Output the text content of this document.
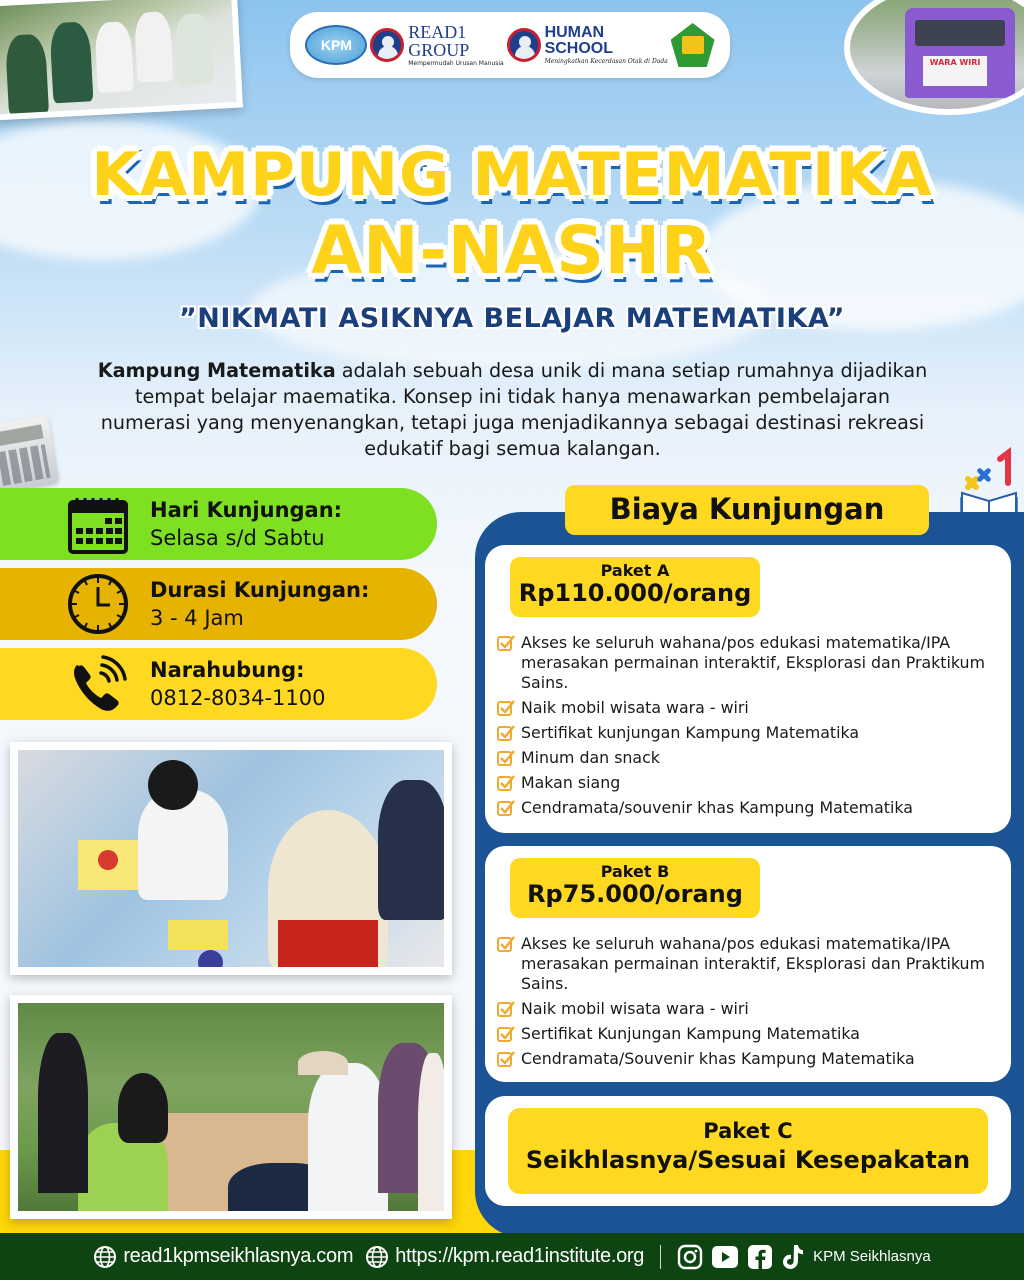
WARA WIRI
KPM
READ1
GROUP
Mempermudah Urusan Manusia
HUMAN
SCHOOL
Meningkatkan Kecerdasan Otak di Dada
KAMPUNG MATEMATIKA
AN-NASHR
”NIKMATI ASIKNYA BELAJAR MATEMATIKA”

Kampung Matematika adalah sebuah desa unik di mana setiap rumahnya dijadikan tempat belajar maematika. Konsep ini tidak hanya menawarkan pembelajaran numerasi yang menyenangkan, tetapi juga menjadikannya sebagai destinasi rekreasi edukatif bagi semua kalangan.

Hari Kunjungan:
Selasa s/d Sabtu
Durasi Kunjungan:
3 - 4 Jam
Narahubung:
0812-8034-1100
Biaya Kunjungan
Paket A
Rp110.000/orang
Akses ke seluruh wahana/pos edukasi matematika/IPA merasakan permainan interaktif, Eksplorasi dan Praktikum Sains.
Naik mobil wisata wara - wiri
Sertifikat kunjungan Kampung Matematika
Minum dan snack
Makan siang
Cendramata/souvenir khas Kampung Matematika
Paket B
Rp75.000/orang
Akses ke seluruh wahana/pos edukasi matematika/IPA merasakan permainan interaktif, Eksplorasi dan Praktikum Sains.
Naik mobil wisata wara - wiri
Sertifikat Kunjungan Kampung Matematika
Cendramata/Souvenir khas Kampung Matematika
Paket C
Seikhlasnya/Sesuai Kesepakatan
read1kpmseikhlasnya.com https://kpm.read1institute.org	KPM Seikhlasnya
